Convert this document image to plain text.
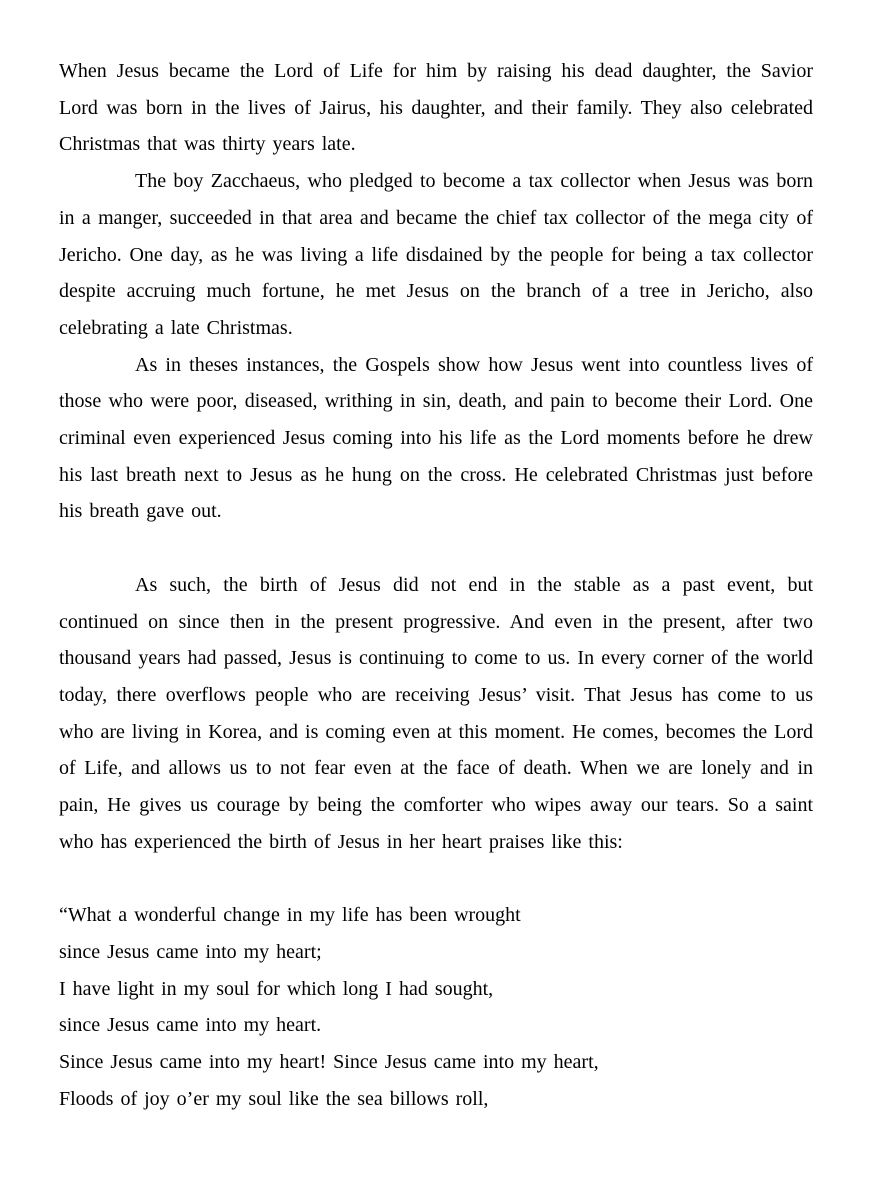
When Jesus became the Lord of Life for him by raising his dead daughter, the Savior Lord was born in the lives of Jairus, his daughter, and their family. They also celebrated Christmas that was thirty years late.

The boy Zacchaeus, who pledged to become a tax collector when Jesus was born in a manger, succeeded in that area and became the chief tax collector of the mega city of Jericho. One day, as he was living a life disdained by the people for being a tax collector despite accruing much fortune, he met Jesus on the branch of a tree in Jericho, also celebrating a late Christmas.

As in theses instances, the Gospels show how Jesus went into countless lives of those who were poor, diseased, writhing in sin, death, and pain to become their Lord. One criminal even experienced Jesus coming into his life as the Lord moments before he drew his last breath next to Jesus as he hung on the cross. He celebrated Christmas just before his breath gave out.

As such, the birth of Jesus did not end in the stable as a past event, but continued on since then in the present progressive. And even in the present, after two thousand years had passed, Jesus is continuing to come to us. In every corner of the world today, there overflows people who are receiving Jesus’ visit. That Jesus has come to us who are living in Korea, and is coming even at this moment. He comes, becomes the Lord of Life, and allows us to not fear even at the face of death. When we are lonely and in pain, He gives us courage by being the comforter who wipes away our tears. So a saint who has experienced the birth of Jesus in her heart praises like this:

“What a wonderful change in my life has been wrought
since Jesus came into my heart;
I have light in my soul for which long I had sought,
since Jesus came into my heart.
Since Jesus came into my heart! Since Jesus came into my heart,
Floods of joy o’er my soul like the sea billows roll,
